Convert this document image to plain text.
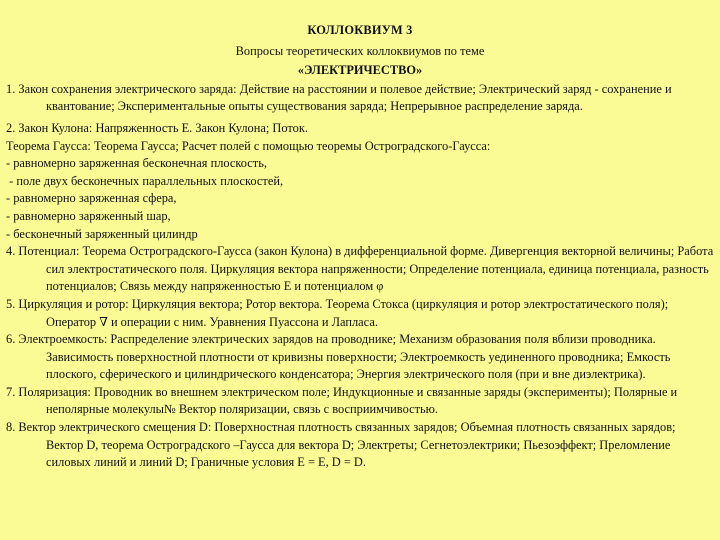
КОЛЛОКВИУМ 3
Вопросы теоретических коллоквиумов по теме
«ЭЛЕКТРИЧЕСТВО»

1. Закон сохранения электрического заряда: Действие на расстоянии и полевое действие; Электрический заряд - сохранение и квантование; Экспериментальные опыты существования заряда; Непрерывное распределение заряда.

2. Закон Кулона: Напряженность Е. Закон Кулона; Поток.

Теорема Гаусса: Теорема Гаусса; Расчет полей с помощью теоремы Остроградского-Гаусса:

- равномерно заряженная бесконечная плоскость,

- поле двух бесконечных параллельных плоскостей,

- равномерно заряженная сфера,

- равномерно заряженный шар,

- бесконечный заряженный цилиндр

4. Потенциал: Теорема Остроградского-Гаусса (закон Кулона) в дифференциальной форме. Дивергенция векторной величины; Работа сил электростатического поля. Циркуляция вектора напряженности; Определение потенциала, единица потенциала, разность потенциалов; Связь между напряженностью E и потенциалом φ

5. Циркуляция и ротор: Циркуляция вектора; Ротор вектора. Теорема Стокса (циркуляция и ротор электростатического поля); Оператор ∇ и операции с ним. Уравнения Пуассона и Лапласа.

6. Электроемкость: Распределение электрических зарядов на проводнике; Механизм образования поля вблизи проводника. Зависимость поверхностной плотности от кривизны поверхности; Электроемкость уединенного проводника; Емкость плоского, сферического и цилиндрического конденсатора; Энергия электрического поля (при и вне диэлектрика).

7. Поляризация: Проводник во внешнем электрическом поле; Индукционные и связанные заряды (эксперименты); Полярные и неполярные молекулы№ Вектор поляризации, связь с восприимчивостью.

8. Вектор электрического смещения D: Поверхностная плотность связанных зарядов; Объемная плотность связанных зарядов; Вектор D, теорема Остроградского –Гаусса для вектора D; Электреты; Сегнетоэлектрики; Пьезоэффект; Преломление силовых линий и линий D; Граничные условия E = E, D = D.
